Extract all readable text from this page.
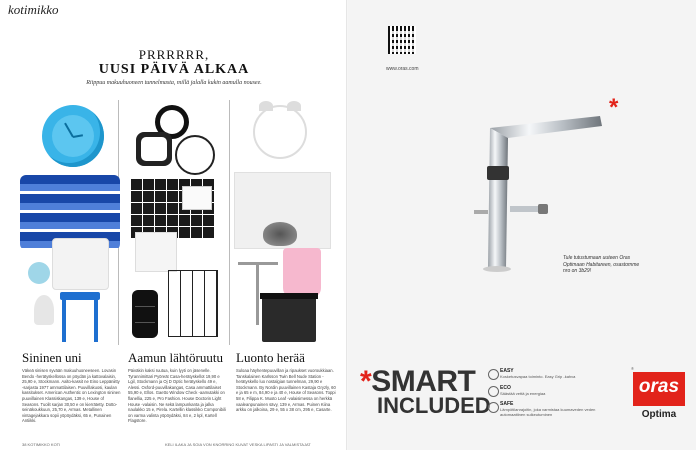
kotimikko
PRRRRRR,
UUSI PÄIVÄ ALKAA
Riippuu makuuhuoneen tunnelmasta, millä jalalla kukin aamulla nousee.
Sininen uni
Väkeä sinisen syvään makuuhuoneeseen. Lovasin Bendo -herätyskellossa on pöydän ja kattovalaisin, 25,90 e, Stockmann. Aalto-kassit ne Eino Leppäniitty -sarjasta 1977 ammattilaisen. Puuvillakuosi, kaulan kassitukset. American Authentic on Lexington sininen puuvillainen Klassiskangas, 139 e, House of Seasons. Tuolit sarjan 30,50 e on kierrätetty. Dotto-seinäkoukkuun, 25,70 e, Armas. Metallinen vintagejakkara sopii yöpöydäksi, 65 e, Punainen Antiikki.
Aamun lähtöruutu
Päiväkin kaksi ruutua, kuin lyyti on jäsenelle. Tyrannimittari Pyöreät Casa-herätyskellot 19,90 e Lgil, Stockmann ja Oj D Optic herätyskello 49 e, Alessi. Oxford-puuvillakangas, Casa ammattilaiset 55,90 e, Ellos. Gaetto Window Check -aamutakki on flanellia, 225 e, Pro Fashion. House Doctorin Light House -valaisin. Ne sekä lampunkanta ja jalka naulakko 15 e, Pirela. Kartellin klassikko Componibili on varma valinta yöpöydäksi, 84 e, 2 kpl, Kartell Flagstore.
Luonto herää
Suloaa häyhentepuuvillan ja ripaukset vuoroukkiaan. Tanskalainen Karlsson Twin Bell Nude Station -herätyskello luo nostalgian tunnelman, 29,90 e Stockmann. By Nordin puuvillainen Kastaja Gryzly, 60 e ja 65 e m, 84,90 e ja 40 e, House of Seasons. Toppi 58 e, Filippa K. Muoto Leaf -valaisimessa on herkkä vaaleanpunainen sävy, 139 e, Armas. Puinen Kiina arkku on jalkoina, 29 e, 55 x 38 cm, 295 e, Casarte.
38 KOTIMIKKO KOTI	KELI ILAKA JA SOIA VON KNORRING KUVAT VESKA LIPASTI JA VALMISTAJAT
www.oras.com
*
Tule tutustumaan uuteen Oras Optimaan Habitareen, osastomme nro on 3b29!
*SMART
INCLUDED
EASY
Kosketusvapaa toiminto. Easy Grip -kahva
ECO
Säästää vettä ja energiaa
SAFE
Lämpötilanrajoitin, joka varmistaa kuumaveden veden automaattinen sulkeutuminen
®
oras
Optima
